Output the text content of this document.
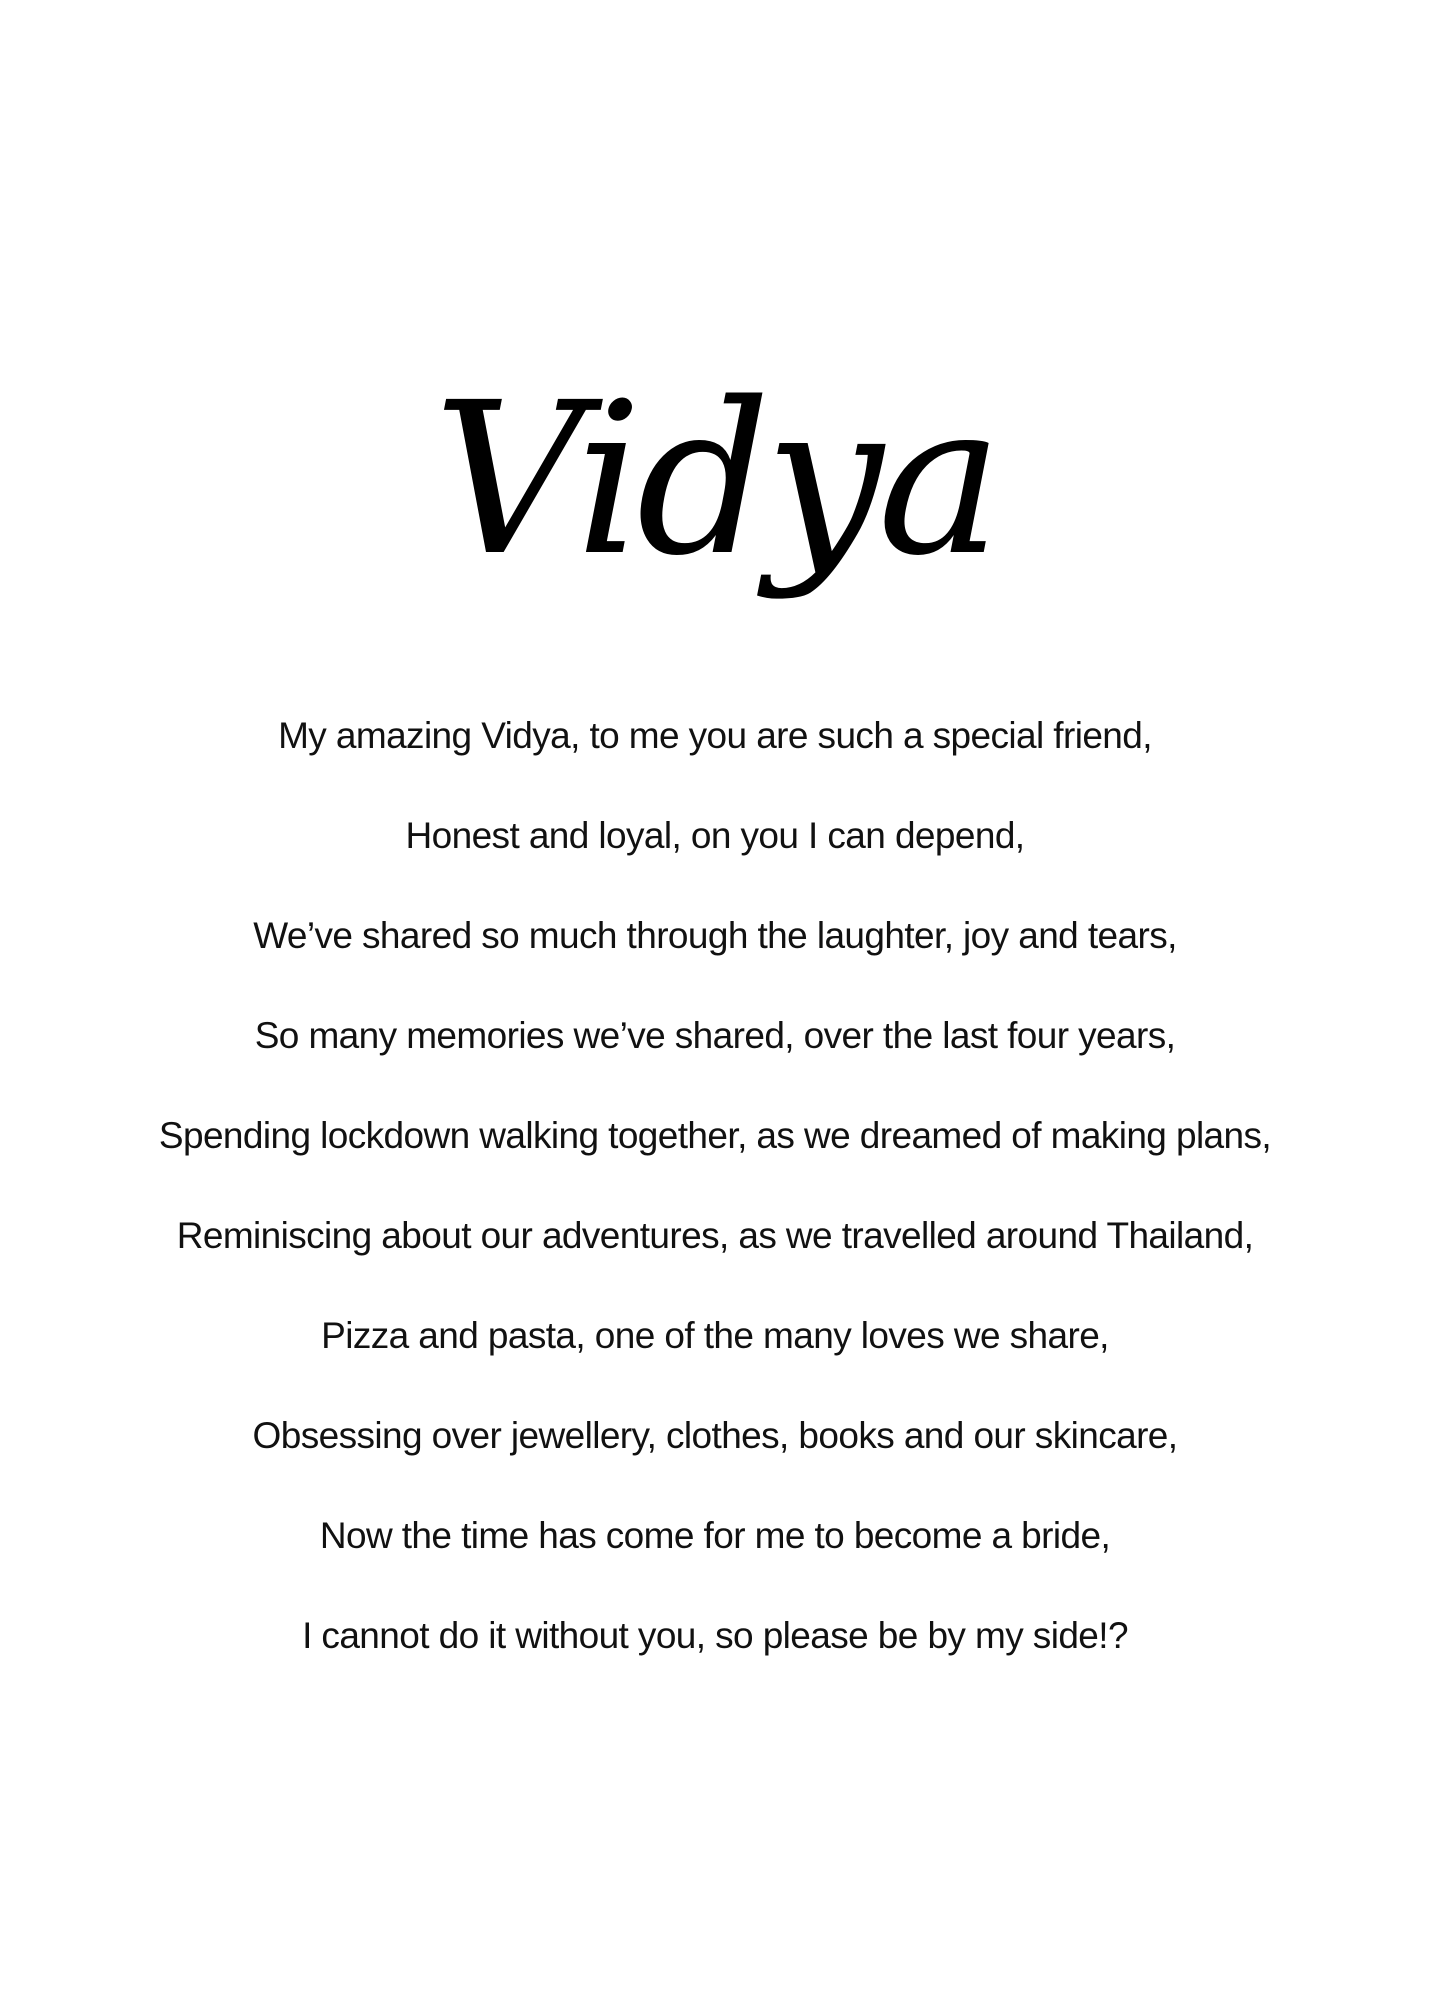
Vidya
My amazing Vidya, to me you are such a special friend,
Honest and loyal, on you I can depend,
We’ve shared so much through the laughter, joy and tears,
So many memories we’ve shared, over the last four years,
Spending lockdown walking together, as we dreamed of making plans,
Reminiscing about our adventures, as we travelled around Thailand,
Pizza and pasta, one of the many loves we share,
Obsessing over jewellery, clothes, books and our skincare,
Now the time has come for me to become a bride,
I cannot do it without you, so please be by my side!?
